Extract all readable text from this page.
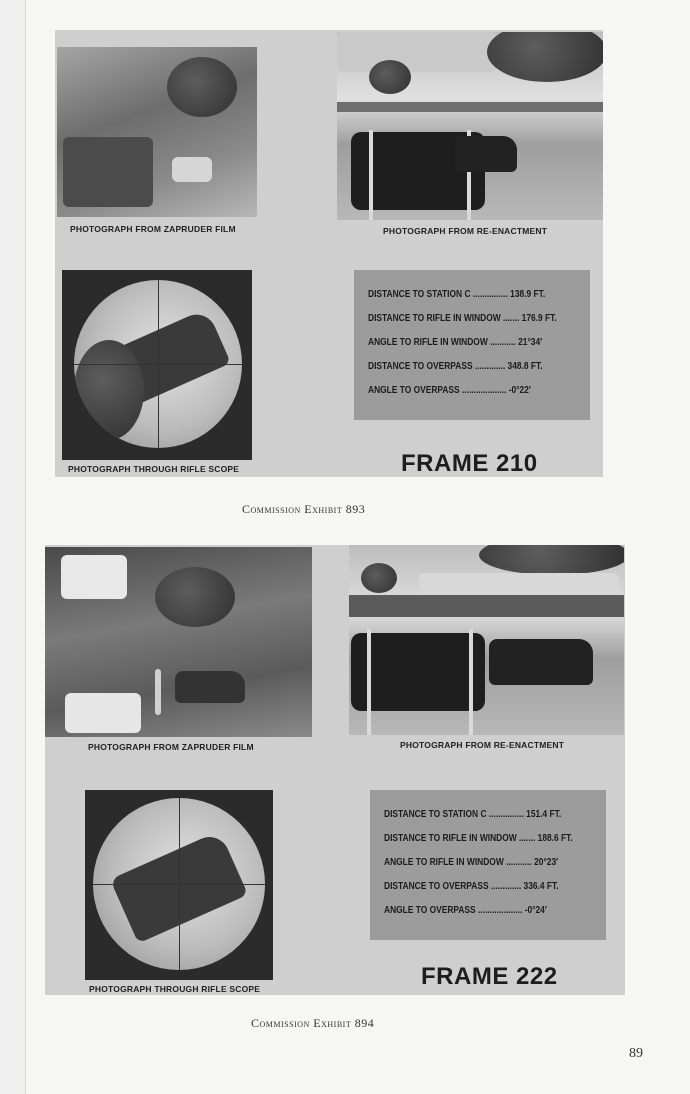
PHOTOGRAPH FROM ZAPRUDER FILM	PHOTOGRAPH FROM RE-ENACTMENT
PHOTOGRAPH THROUGH RIFLE SCOPE
DISTANCE TO STATION C ............... 138.9 FT.
DISTANCE TO RIFLE IN WINDOW ....... 176.9 FT.
ANGLE TO RIFLE IN WINDOW ........... 21°34′
DISTANCE TO OVERPASS ............. 348.8 FT.
ANGLE TO OVERPASS ................... -0°22′
FRAME 210
Commission Exhibit 893
PHOTOGRAPH FROM ZAPRUDER FILM	PHOTOGRAPH FROM RE-ENACTMENT
PHOTOGRAPH THROUGH RIFLE SCOPE
DISTANCE TO STATION C ............... 151.4 FT.
DISTANCE TO RIFLE IN WINDOW ....... 188.6 FT.
ANGLE TO RIFLE IN WINDOW ........... 20°23′
DISTANCE TO OVERPASS ............. 336.4 FT.
ANGLE TO OVERPASS ................... -0°24′
FRAME 222
Commission Exhibit 894
89
